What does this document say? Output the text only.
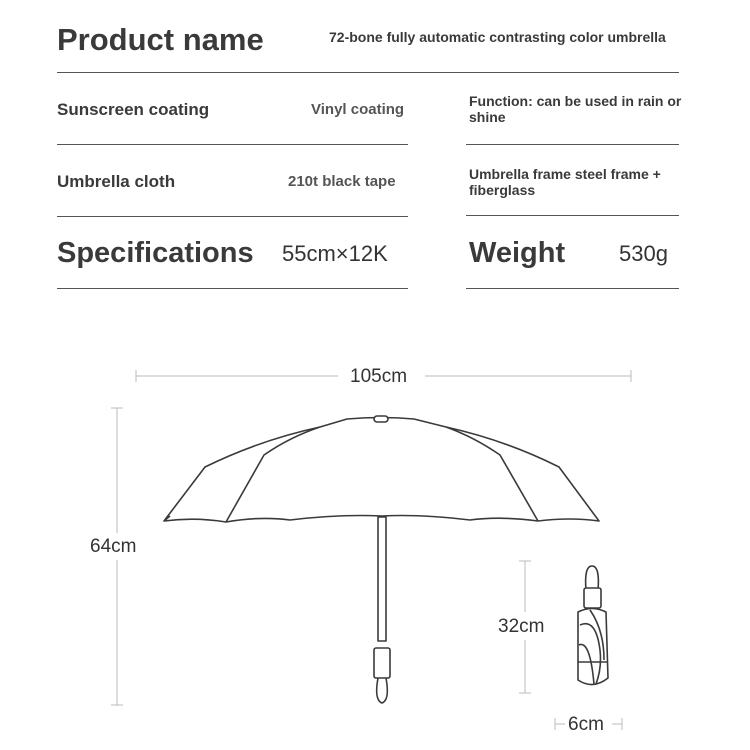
Product name	72-bone fully automatic contrasting color umbrella
Sunscreen coating	Vinyl coating
Umbrella cloth	210t black tape
Specifications 55cm×12K
Function: can be used in rain or shine
Umbrella frame steel frame + fiberglass
Weight 530g
105cm
64cm
32cm
6cm
